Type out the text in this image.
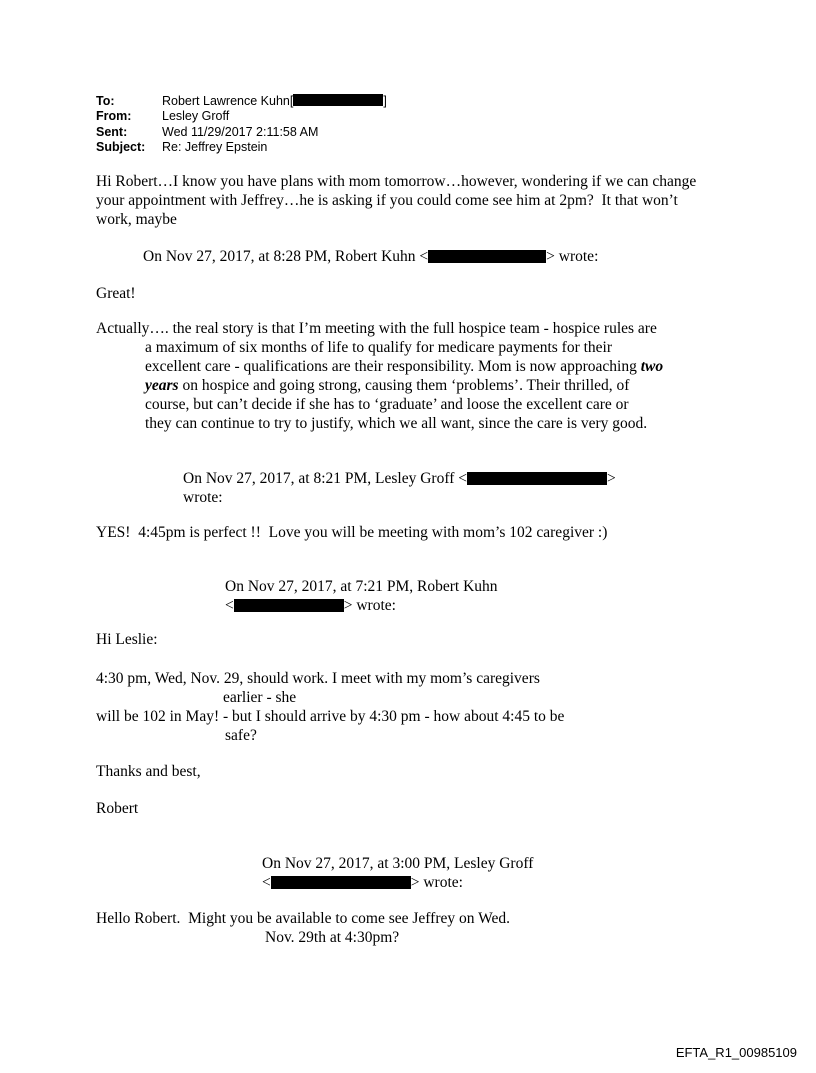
To:	Robert Lawrence Kuhn[	]
From:	Lesley Groff
Sent:	Wed 11/29/2017 2:11:58 AM
Subject:	Re: Jeffrey Epstein
Hi Robert…I know you have plans with mom tomorrow…however, wondering if we can change
your appointment with Jeffrey…he is asking if you could come see him at 2pm?  It that won’t
work, maybe
On Nov 27, 2017, at 8:28 PM, Robert Kuhn <	> wrote:
Great!
Actually…. the real story is that I’m meeting with the full hospice team - hospice rules are
a maximum of six months of life to qualify for medicare payments for their
excellent care - qualifications are their responsibility. Mom is now approaching two
years on hospice and going strong, causing them ‘problems’. Their thrilled, of
course, but can’t decide if she has to ‘graduate’ and loose the excellent care or
they can continue to try to justify, which we all want, since the care is very good.
On Nov 27, 2017, at 8:21 PM, Lesley Groff <	>
wrote:
YES!  4:45pm is perfect !!  Love you will be meeting with mom’s 102 caregiver :)
On Nov 27, 2017, at 7:21 PM, Robert Kuhn
<	> wrote:
Hi Leslie:
4:30 pm, Wed, Nov. 29, should work. I meet with my mom’s caregivers
earlier - she
will be 102 in May! - but I should arrive by 4:30 pm - how about 4:45 to be
safe?
Thanks and best,
Robert
On Nov 27, 2017, at 3:00 PM, Lesley Groff
<	> wrote:
Hello Robert.  Might you be available to come see Jeffrey on Wed.
Nov. 29th at 4:30pm?
EFTA_R1_00985109
